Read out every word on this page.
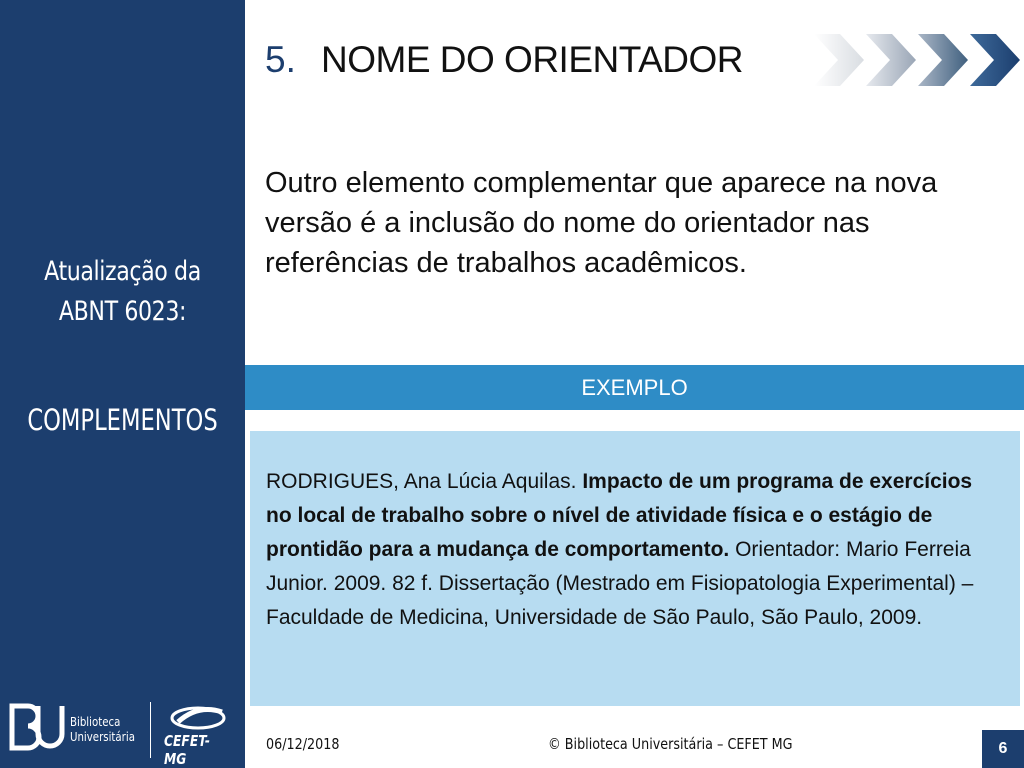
Atualização da
ABNT 6023:
COMPLEMENTOS
Biblioteca
Universitária CEFET-MG
5. NOME DO ORIENTADOR
Outro elemento complementar que aparece na nova versão é a inclusão do nome do orientador nas referências de trabalhos acadêmicos.
EXEMPLO
RODRIGUES, Ana Lúcia Aquilas. Impacto de um programa de exercícios no local de trabalho sobre o nível de atividade física e o estágio de prontidão para a mudança de comportamento. Orientador: Mario Ferreia Junior. 2009. 82 f. Dissertação (Mestrado em Fisiopatologia Experimental) – Faculdade de Medicina, Universidade de São Paulo, São Paulo, 2009.
06/12/2018	© Biblioteca Universitária – CEFET MG	6
